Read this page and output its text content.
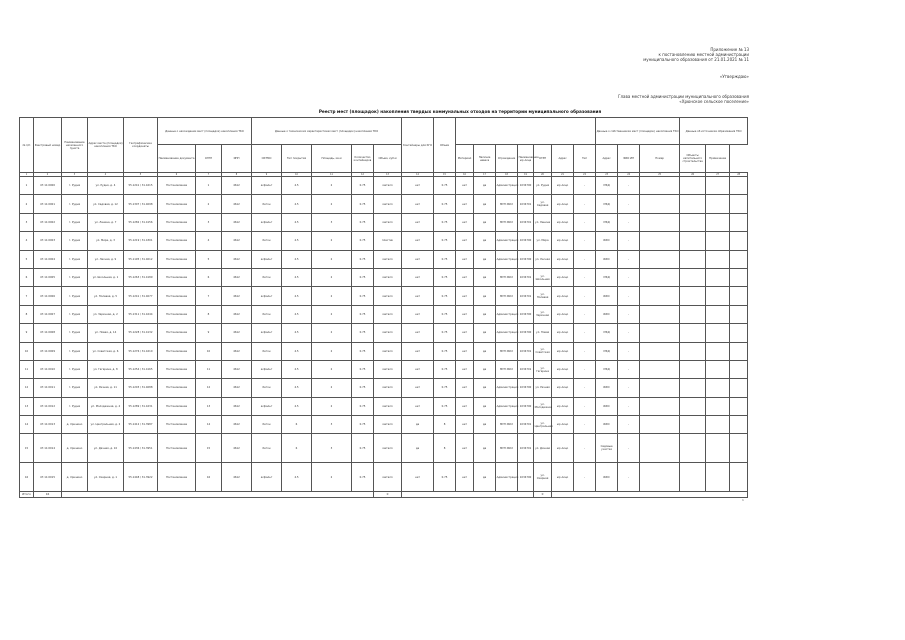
Приложение № 13
к постановлению местной администрации
муниципального образования от 21.01.2021 № 11
«Утверждаю»
Глава местной администрации муниципального образования
«Хрюнское сельское поселение»
Реестр мест (площадок) накопления твердых коммунальных отходов на территории муниципального образования
№ п/п	Реестровый номер	Наименование населенного пункта	Адрес места (площадки) накопления ТКО	Географические координаты	Данные о нахождении мест (площадок) накопления ТКО			Данные о технических характеристиках мест (площадок) накопления ТКО					Контейнеры для КГО	Объем								Данные о собственниках мест (площадок) накопления ТКО			Данные об источниках образования ТКО		
					Наименование документа	ОГРН	ИНН	ОКТМО	Тип покрытия	Площадь, кв.м	Количество контейнеров	Объем, куб.м			Материал	Наличие навеса	Ограждение	Наименование юр.лица	ОГРН	Адрес	Тип	Адрес	ФИО ИП	Номер	Объекты капитального строительства	Примечание	
1	2	3	4	5	6	7	8	9	10	11	12	13	14	15	16	17	18	19	20	21	22	23	24	25	26	27	28
1	47:11:0000	г. Рудня	ул. Рудня, д. 4	55.1241 / 31.4215	Постановление	1	4612	асфальт	4.5	2	0.75	металл	нет	0.75	нет	да	Администрация	1034700	ул. Рудня	юр.лицо	-	МКД	-				
2	47:11:0001	г. Рудня	ул. Садовая, д. 12	55.1307 / 31.4098	Постановление	2	4612	бетон	4.5	2	0.75	металл	нет	0.75	нет	да	МУП ЖКХ	1034701	ул. Садовая	юр.лицо	-	МКД	-				
3	47:11:0002	г. Рудня	ул. Ленина, д. 7	55.1282 / 31.4156	Постановление	3	4612	асфальт	4.5	3	0.75	металл	нет	0.75	нет	да	МУП ЖКХ	1034701	ул. Ленина	юр.лицо	-	МКД	-				
4	47:11:0003	г. Рудня	ул. Мира, д. 3	55.1219 / 31.4301	Постановление	4	4612	бетон	4.5	2	0.75	пластик	нет	0.75	нет	да	Администрация	1034700	ул. Мира	юр.лицо	-	ИЖС	-				
5	47:11:0004	г. Рудня	ул. Лесная, д. 9	55.1195 / 31.4012	Постановление	5	4612	асфальт	4.5	2	0.75	металл	нет	0.75	нет	да	Администрация	1034700	ул. Лесная	юр.лицо	-	ИЖС	-				
6	47:11:0005	г. Рудня	ул. Школьная, д. 1	55.1263 / 31.4189	Постановление	6	4612	бетон	4.5	2	0.75	металл	нет	0.75	нет	да	МУП ЖКХ	1034701	ул. Школьная	юр.лицо	-	МКД	-				
7	47:11:0006	г. Рудня	ул. Полевая, д. 5	55.1241 / 31.4077	Постановление	7	4612	асфальт	4.5	2	0.75	металл	нет	0.75	нет	да	МУП ЖКХ	1034701	ул. Полевая	юр.лицо	-	ИЖС	-				
8	47:11:0007	г. Рудня	ул. Заречная, д. 2	55.1311 / 31.4244	Постановление	8	4612	бетон	4.5	2	0.75	металл	нет	0.75	нет	да	Администрация	1034700	ул. Заречная	юр.лицо	-	ИЖС	-				
9	47:11:0008	г. Рудня	ул. Новая, д. 14	55.1228 / 31.4132	Постановление	9	4612	асфальт	4.5	2	0.75	металл	нет	0.75	нет	да	Администрация	1034700	ул. Новая	юр.лицо	-	МКД	-				
10	47:11:0009	г. Рудня	ул. Советская, д. 6	55.1276 / 31.4210	Постановление	10	4612	бетон	4.5	2	0.75	металл	нет	0.75	нет	да	МУП ЖКХ	1034701	ул. Советская	юр.лицо	-	МКД	-				
11	47:11:0010	г. Рудня	ул. Гагарина, д. 8	55.1254 / 31.4165	Постановление	11	4612	асфальт	4.5	2	0.75	металл	нет	0.75	нет	да	МУП ЖКХ	1034701	ул. Гагарина	юр.лицо	-	МКД	-				
12	47:11:0011	г. Рудня	ул. Речная, д. 11	55.1203 / 31.4088	Постановление	12	4612	бетон	4.5	2	0.75	металл	нет	0.75	нет	да	Администрация	1034700	ул. Речная	юр.лицо	-	ИЖС	-				
13	47:11:0012	г. Рудня	ул. Молодежная, д. 4	55.1289 / 31.4231	Постановление	13	4612	асфальт	4.5	2	0.75	металл	нет	0.75	нет	да	Администрация	1034700	ул. Молодежная	юр.лицо	-	ИЖС	-				
14	47:11:0013	д. Хрюнино	ул. Центральная, д. 2	55.1412 / 31.3987	Постановление	14	4612	бетон	6	3	0.75	металл	да	8	нет	да	МУП ЖКХ	1034701	ул. Центральная	юр.лицо	-	ИЖС	-				
15	47:11:0014	д. Хрюнино	ул. Дачная, д. 10	55.1436 / 31.3951	Постановление	15	4612	бетон	6	3	0.75	металл	да	8	нет	да	МУП ЖКХ	1034701	ул. Дачная	юр.лицо	-	Садовые участки	-				
16	47:11:0015	д. Хрюнино	ул. Озерная, д. 1	55.1448 / 31.3922	Постановление	16	4612	асфальт	4.5	2	0.75	металл	нет	0.75	нет	да	Администрация	1034700	ул. Озерная	юр.лицо	-	ИЖС	-				
Итого	16											0							0								
1
